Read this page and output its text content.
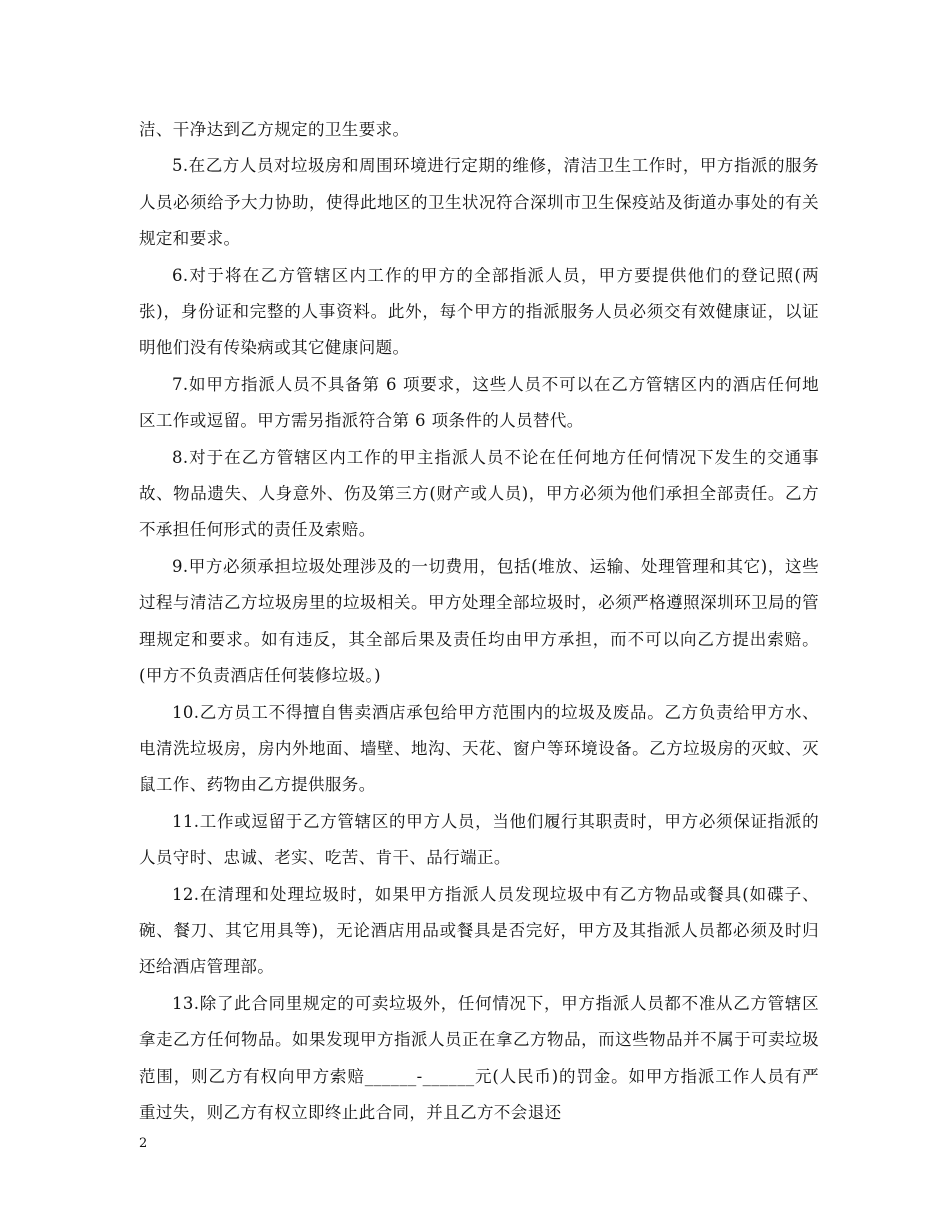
洁、干净达到乙方规定的卫生要求。

5.在乙方人员对垃圾房和周围环境进行定期的维修，清洁卫生工作时，甲方指派的服务人员必须给予大力协助，使得此地区的卫生状况符合深圳市卫生保疫站及街道办事处的有关规定和要求。

6.对于将在乙方管辖区内工作的甲方的全部指派人员，甲方要提供他们的登记照(两张)，身份证和完整的人事资料。此外，每个甲方的指派服务人员必须交有效健康证，以证明他们没有传染病或其它健康问题。

7.如甲方指派人员不具备第 6 项要求，这些人员不可以在乙方管辖区内的酒店任何地区工作或逗留。甲方需另指派符合第 6 项条件的人员替代。

8.对于在乙方管辖区内工作的甲主指派人员不论在任何地方任何情况下发生的交通事故、物品遗失、人身意外、伤及第三方(财产或人员)，甲方必须为他们承担全部责任。乙方不承担任何形式的责任及索赔。

9.甲方必须承担垃圾处理涉及的一切费用，包括(堆放、运输、处理管理和其它)，这些过程与清洁乙方垃圾房里的垃圾相关。甲方处理全部垃圾时，必须严格遵照深圳环卫局的管理规定和要求。如有违反，其全部后果及责任均由甲方承担，而不可以向乙方提出索赔。(甲方不负责酒店任何装修垃圾。)

10.乙方员工不得擅自售卖酒店承包给甲方范围内的垃圾及废品。乙方负责给甲方水、电清洗垃圾房，房内外地面、墙壁、地沟、天花、窗户等环境设备。乙方垃圾房的灭蚊、灭鼠工作、药物由乙方提供服务。

11.工作或逗留于乙方管辖区的甲方人员，当他们履行其职责时，甲方必须保证指派的人员守时、忠诚、老实、吃苦、肯干、品行端正。

12.在清理和处理垃圾时，如果甲方指派人员发现垃圾中有乙方物品或餐具(如碟子、碗、餐刀、其它用具等)，无论酒店用品或餐具是否完好，甲方及其指派人员都必须及时归还给酒店管理部。

13.除了此合同里规定的可卖垃圾外，任何情况下，甲方指派人员都不准从乙方管辖区拿走乙方任何物品。如果发现甲方指派人员正在拿乙方物品，而这些物品并不属于可卖垃圾范围，则乙方有权向甲方索赔______-______元(人民币)的罚金。如甲方指派工作人员有严重过失，则乙方有权立即终止此合同，并且乙方不会退还

2
